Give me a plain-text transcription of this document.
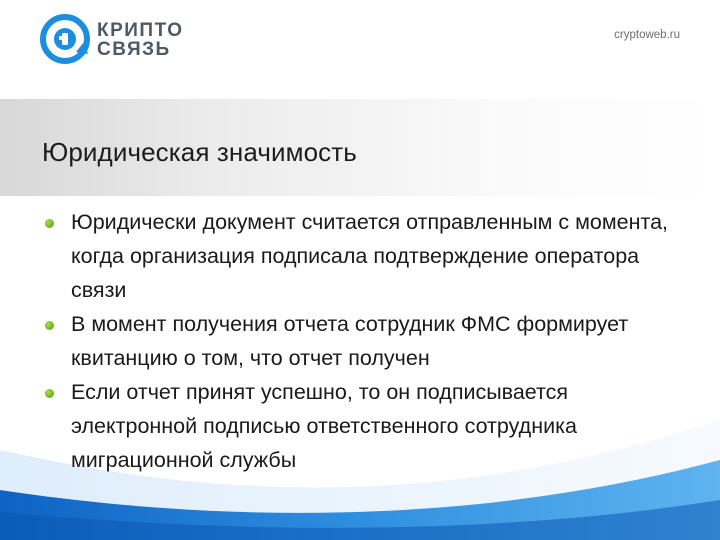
КРИПТО
СВЯЗЬ
cryptoweb.ru
Юридическая значимость

Юридически документ считается отправленным с момента, когда организация подписала подтверждение оператора связи

В момент получения отчета сотрудник ФМС формирует квитанцию о том, что отчет получен

Если отчет принят успешно, то он подписывается электронной подписью ответственного сотрудника миграционной службы
